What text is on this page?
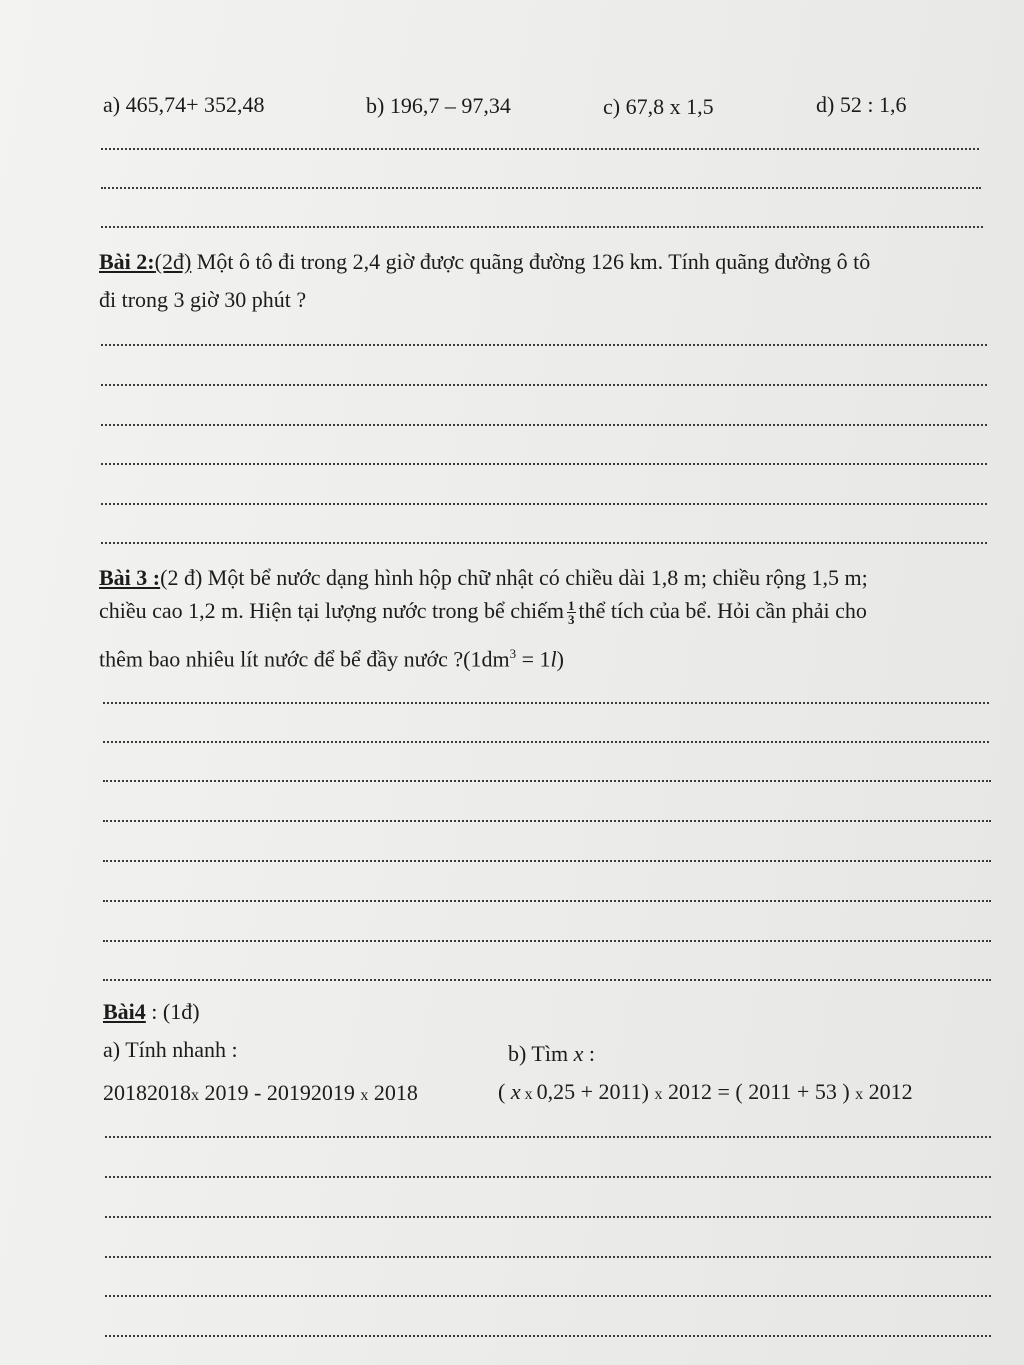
a) 465,74+ 352,48	b) 196,7 – 97,34	c) 67,8 x 1,5	d) 52 : 1,6
Bài 2:(2đ) Một ô tô đi trong 2,4 giờ được quãng đường 126 km. Tính quãng đường ô tô
đi trong 3 giờ 30 phút ?
Bài 3 :(2 đ) Một bể nước dạng hình hộp chữ nhật có chiều dài 1,8 m; chiều rộng 1,5 m;
chiều cao 1,2 m. Hiện tại lượng nước trong bể chiếm $\frac{1}{3}$ thể tích của bể. Hỏi cần phải cho
thêm bao nhiêu lít nước để bể đầy nước $?(1dm^3 = 1l)$
Bài4 : (1đ)
a) Tính nhanh :	b) Tìm x :
20182018x 2019 - 20192019 x 2018	( x x 0,25 + 2011) x 2012 = ( 2011 + 53 ) x 2012
